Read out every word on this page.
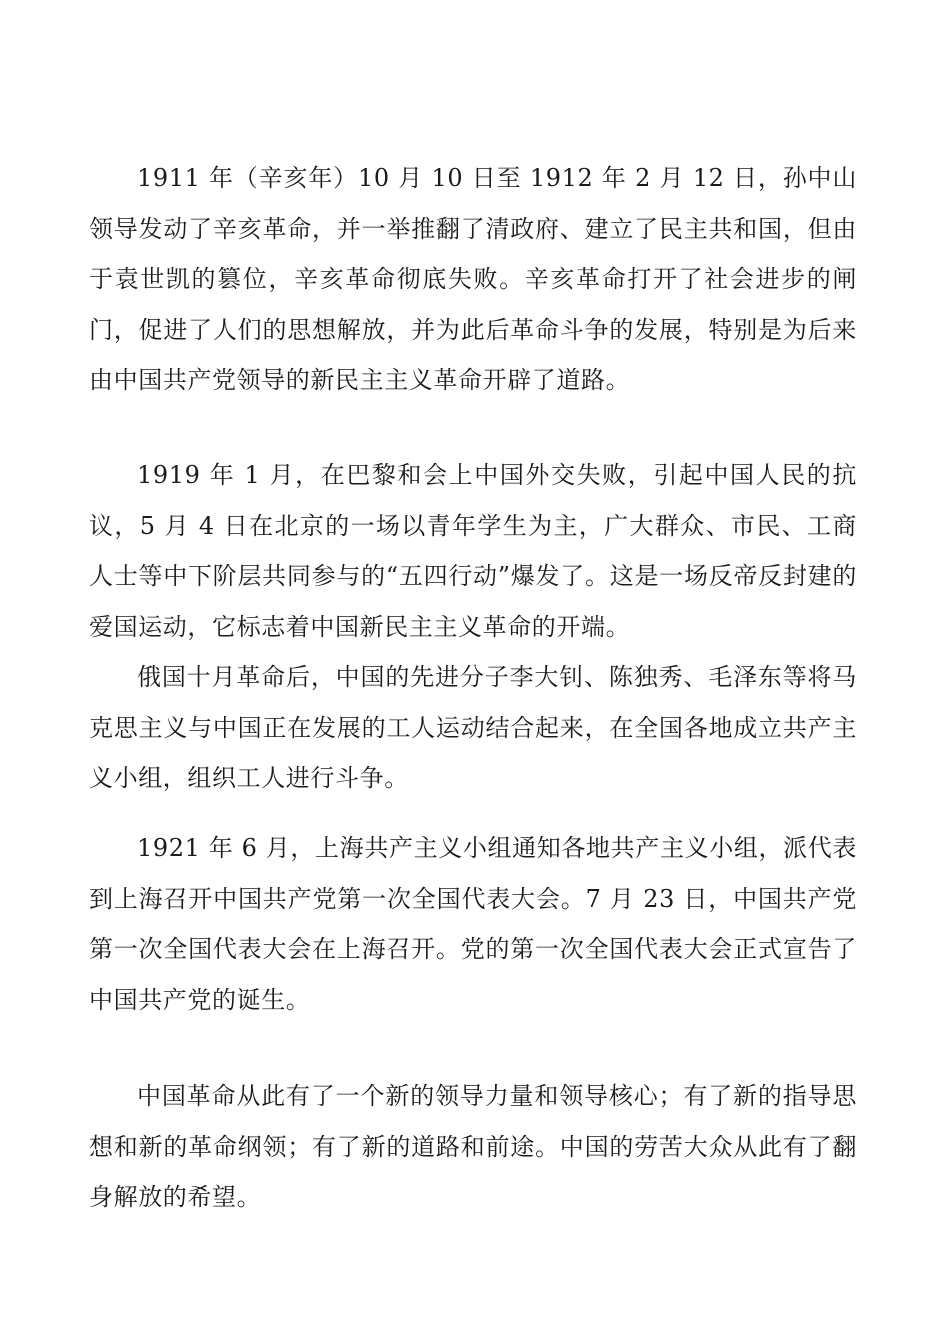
1911 年（辛亥年）10 月 10 日至 1912 年 2 月 12 日，孙中山领导发动了辛亥革命，并一举推翻了清政府、建立了民主共和国，但由于袁世凯的篡位，辛亥革命彻底失败。辛亥革命打开了社会进步的闸门，促进了人们的思想解放，并为此后革命斗争的发展，特别是为后来由中国共产党领导的新民主主义革命开辟了道路。

1919 年 1 月，在巴黎和会上中国外交失败，引起中国人民的抗议，5 月 4 日在北京的一场以青年学生为主，广大群众、市民、工商人士等中下阶层共同参与的“五四行动”爆发了。这是一场反帝反封建的爱国运动，它标志着中国新民主主义革命的开端。

俄国十月革命后，中国的先进分子李大钊、陈独秀、毛泽东等将马克思主义与中国正在发展的工人运动结合起来，在全国各地成立共产主义小组，组织工人进行斗争。

1921 年 6 月，上海共产主义小组通知各地共产主义小组，派代表到上海召开中国共产党第一次全国代表大会。7 月 23 日，中国共产党第一次全国代表大会在上海召开。党的第一次全国代表大会正式宣告了中国共产党的诞生。

中国革命从此有了一个新的领导力量和领导核心；有了新的指导思想和新的革命纲领；有了新的道路和前途。中国的劳苦大众从此有了翻身解放的希望。
